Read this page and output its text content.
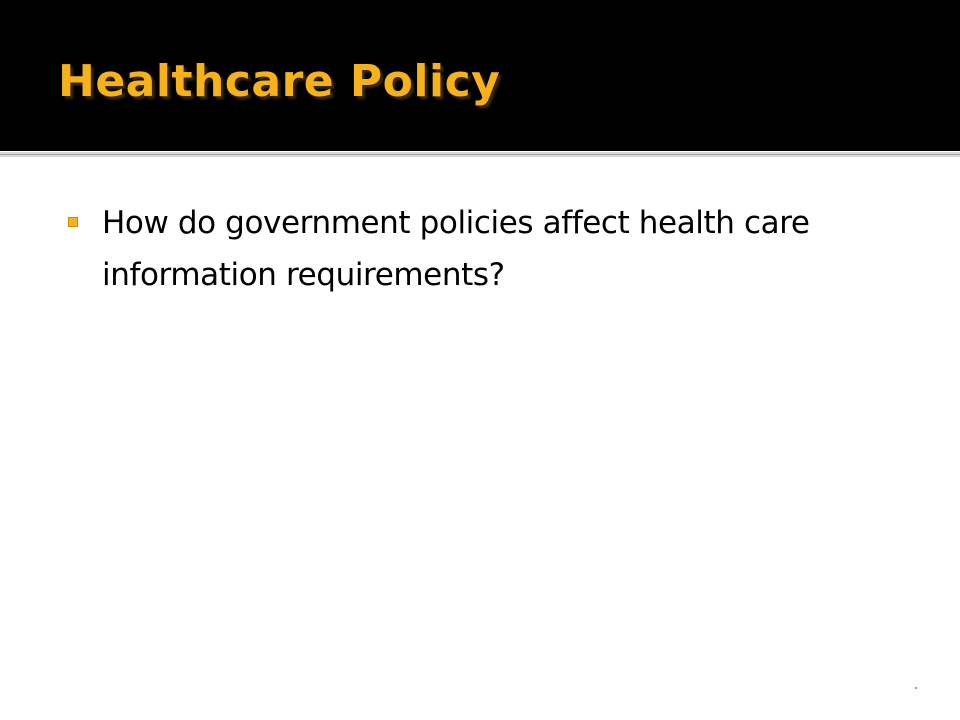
Healthcare Policy
How do government policies affect health care information requirements?
